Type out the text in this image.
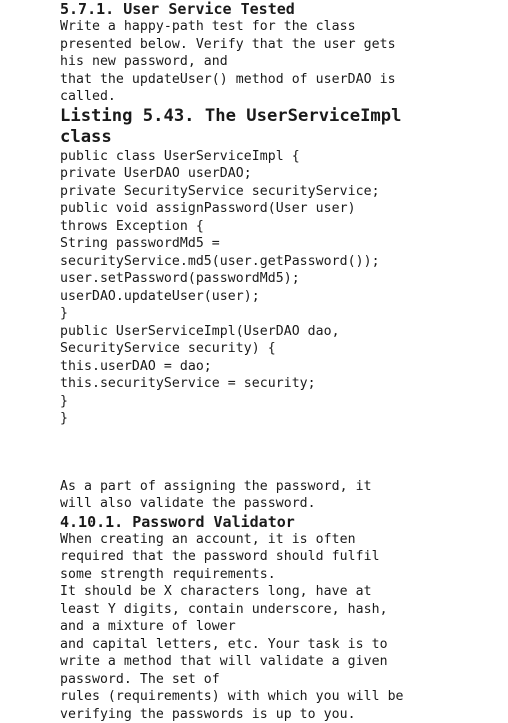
5.7.1. User Service Tested
Write a happy-path test for the class
presented below. Verify that the user gets
his new password, and
that the updateUser() method of userDAO is
called.
Listing 5.43. The UserServiceImpl
class
public class UserServiceImpl {
private UserDAO userDAO;
private SecurityService securityService;
public void assignPassword(User user)
throws Exception {
String passwordMd5 =
securityService.md5(user.getPassword());
user.setPassword(passwordMd5);
userDAO.updateUser(user);
}
public UserServiceImpl(UserDAO dao,
SecurityService security) {
this.userDAO = dao;
this.securityService = security;
}
}
As a part of assigning the password, it
will also validate the password.
4.10.1. Password Validator
When creating an account, it is often
required that the password should fulfil
some strength requirements.
It should be X characters long, have at
least Y digits, contain underscore, hash,
and a mixture of lower
and capital letters, etc. Your task is to
write a method that will validate a given
password. The set of
rules (requirements) with which you will be
verifying the passwords is up to you.
